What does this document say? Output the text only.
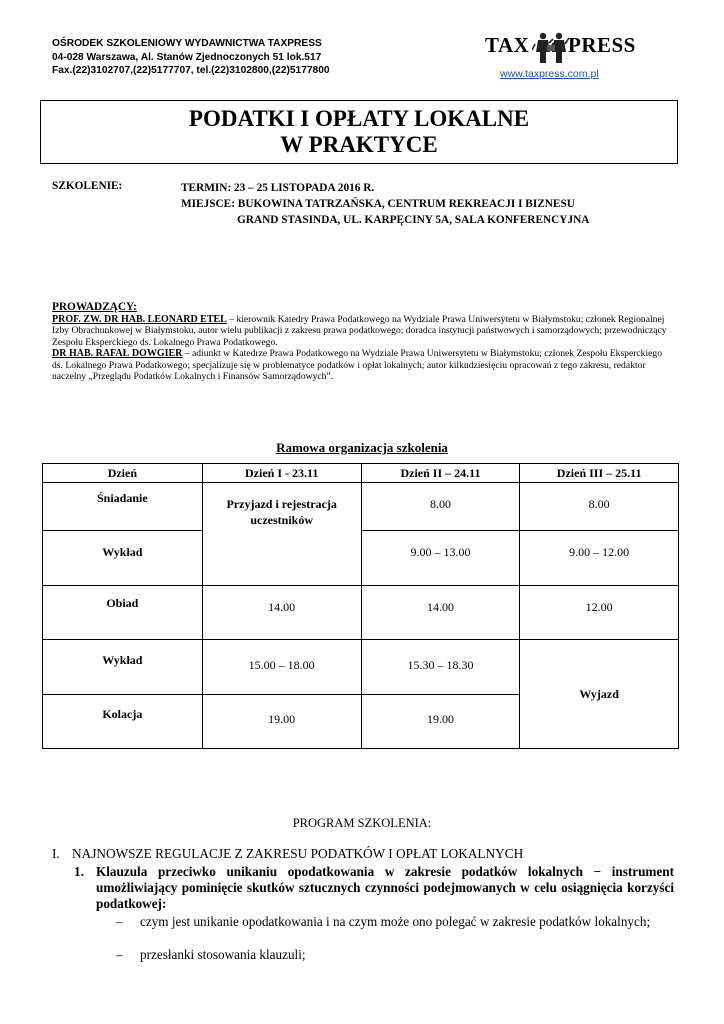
OŚRODEK SZKOLENIOWY WYDAWNICTWA TAXPRESS
04-028 Warszawa, Al. Stanów Zjednoczonych 51 lok.517
Fax.(22)3102707,(22)5177707, tel.(22)3102800,(22)5177800
TAX PRESS
www.taxpress.com.pl
PODATKI I OPŁATY LOKALNE
W PRAKTYCE
SZKOLENIE:	TERMIN: 23 – 25 LISTOPADA 2016 R.
MIEJSCE: BUKOWINA TATRZAŃSKA, CENTRUM REKREACJI I BIZNESU
GRAND STASINDA, UL. KARPĘCINY 5A, SALA KONFERENCYJNA
PROWADZĄCY:
PROF. ZW. DR HAB. LEONARD ETEL – kierownik Katedry Prawa Podatkowego na Wydziale Prawa Uniwersytetu w Białymstoku; członek Regionalnej Izby Obrachunkowej w Białymstoku, autor wielu publikacji z zakresu prawa podatkowego; doradca instytucji państwowych i samorządowych; przewodniczący Zespołu Eksperckiego ds. Lokalnego Prawa Podatkowego.
DR HAB. RAFAŁ DOWGIER – adiunkt w Katedrze Prawa Podatkowego na Wydziale Prawa Uniwersytetu w Białymstoku; członek Zespołu Eksperckiego ds. Lokalnego Prawa Podatkowego; specjalizuje się w problematyce podatków i opłat lokalnych; autor kilkudziesięciu opracowań z tego zakresu, redaktor naczelny „Przeglądu Podatków Lokalnych i Finansów Samorządowych”.
Ramowa organizacja szkolenia
Dzień	Dzień I - 23.11	Dzień II – 24.11	Dzień III – 25.11
Śniadanie	Przyjazd i rejestracja uczestników	8.00	8.00
Wykład		9.00 – 13.00	9.00 – 12.00
Obiad	14.00	14.00	12.00
Wykład	15.00 – 18.00	15.30 – 18.30	Wyjazd
Kolacja	19.00	19.00	
PROGRAM SZKOLENIA:
I. NAJNOWSZE REGULACJE Z ZAKRESU PODATKÓW I OPŁAT LOKALNYCH
1. Klauzula przeciwko unikaniu opodatkowania w zakresie podatków lokalnych − instrument umożliwiający pominięcie skutków sztucznych czynności podejmowanych w celu osiągnięcia korzyści podatkowej:
– czym jest unikanie opodatkowania i na czym może ono polegać w zakresie podatków lokalnych;
– przesłanki stosowania klauzuli;
